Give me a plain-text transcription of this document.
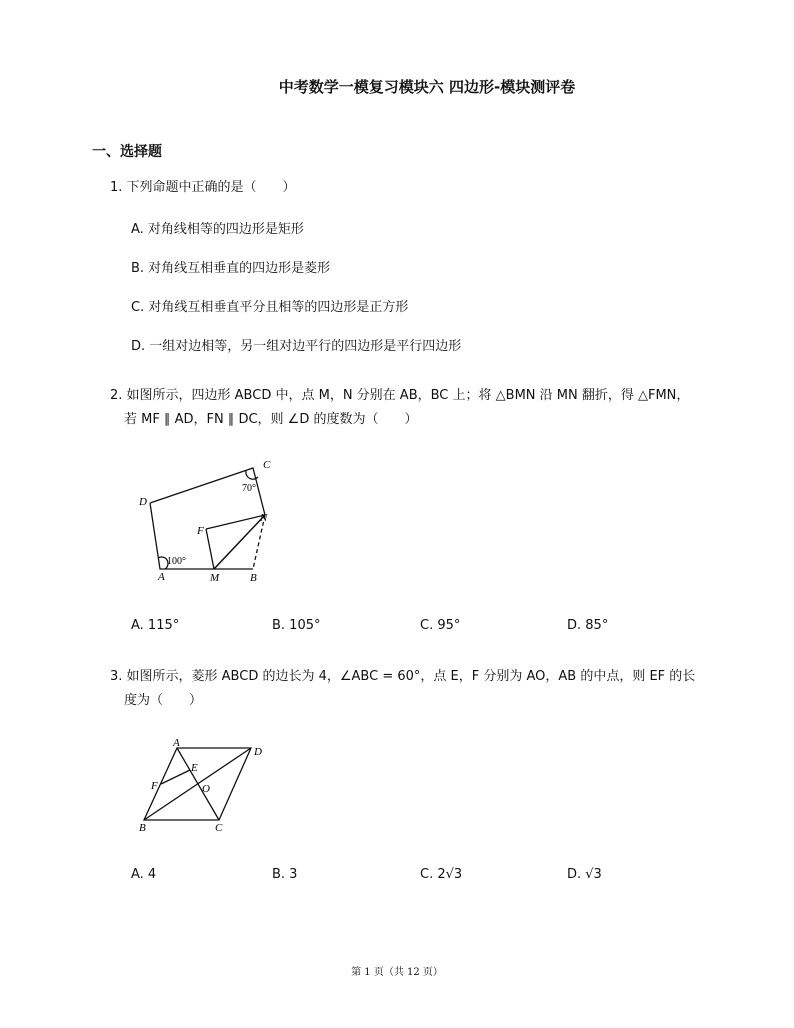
中考数学一模复习模块六 四边形-模块测评卷
一、选择题
1. 下列命题中正确的是（　　）
A. 对角线相等的四边形是矩形
B. 对角线互相垂直的四边形是菱形
C. 对角线互相垂直平分且相等的四边形是正方形
D. 一组对边相等，另一组对边平行的四边形是平行四边形
2. 如图所示，四边形 ABCD 中，点 M，N 分别在 AB，BC 上；将 △BMN 沿 MN 翻折，得 △FMN，
若 MF ∥ AD，FN ∥ DC，则 ∠D 的度数为（　　）
C
D
70°
N
F
100°
A	M	B
A. 115°	B. 105°	C. 95°	D. 85°
3. 如图所示，菱形 ABCD 的边长为 4，∠ABC = 60°，点 E，F 分别为 AO，AB 的中点，则 EF 的长
度为（　　）
A
D
E
F	O
B	C
A. 4	B. 3	C. 2√3	D. √3
第 1 页（共 12 页）
